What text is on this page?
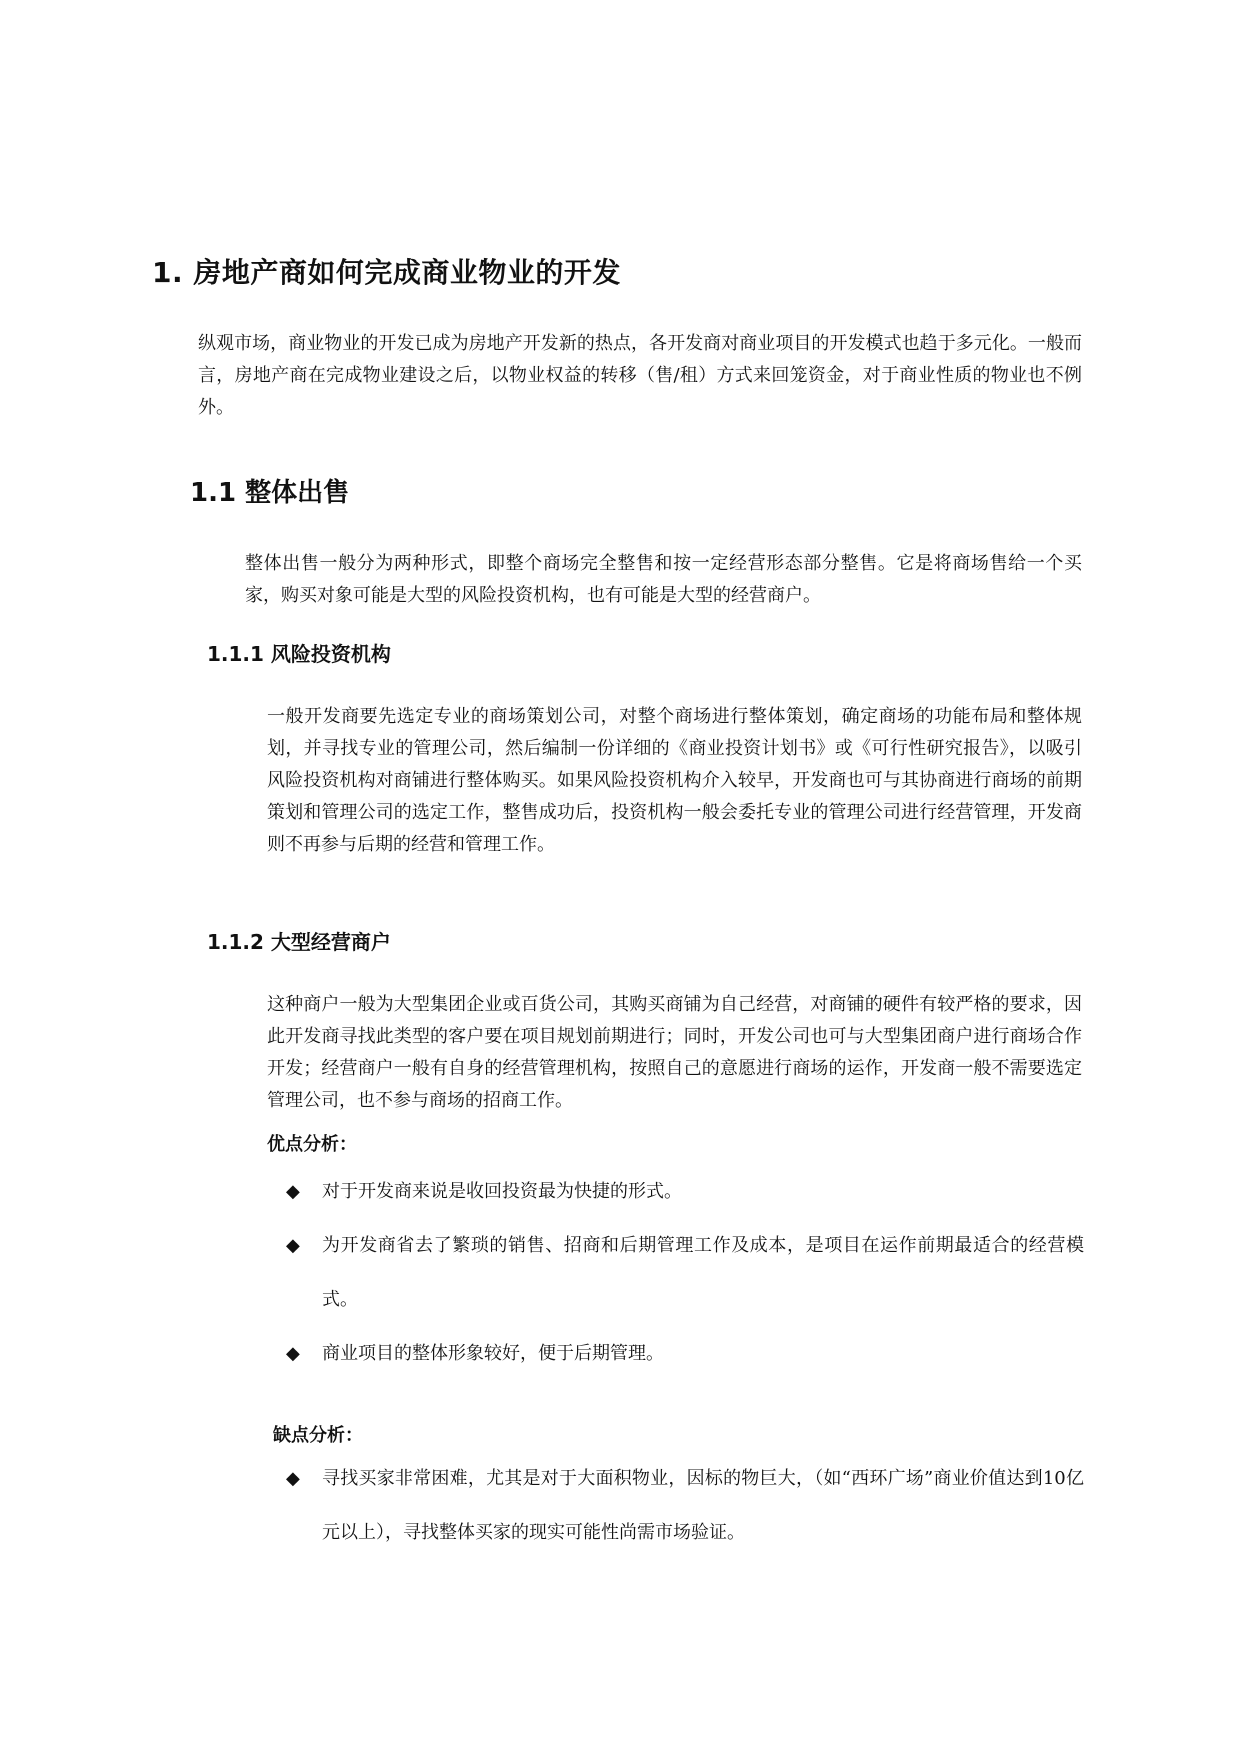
1. 房地产商如何完成商业物业的开发

纵观市场，商业物业的开发已成为房地产开发新的热点，各开发商对商业项目的开发模式也趋于多元化。一般而言，房地产商在完成物业建设之后，以物业权益的转移（售/租）方式来回笼资金，对于商业性质的物业也不例外。

1.1 整体出售

整体出售一般分为两种形式，即整个商场完全整售和按一定经营形态部分整售。它是将商场售给一个买家，购买对象可能是大型的风险投资机构，也有可能是大型的经营商户。

1.1.1 风险投资机构

一般开发商要先选定专业的商场策划公司，对整个商场进行整体策划，确定商场的功能布局和整体规划，并寻找专业的管理公司，然后编制一份详细的《商业投资计划书》或《可行性研究报告》，以吸引风险投资机构对商铺进行整体购买。如果风险投资机构介入较早，开发商也可与其协商进行商场的前期策划和管理公司的选定工作，整售成功后，投资机构一般会委托专业的管理公司进行经营管理，开发商则不再参与后期的经营和管理工作。

1.1.2 大型经营商户

这种商户一般为大型集团企业或百货公司，其购买商铺为自己经营，对商铺的硬件有较严格的要求，因此开发商寻找此类型的客户要在项目规划前期进行；同时，开发公司也可与大型集团商户进行商场合作开发；经营商户一般有自身的经营管理机构，按照自己的意愿进行商场的运作，开发商一般不需要选定管理公司，也不参与商场的招商工作。

优点分析：
◆ 对于开发商来说是收回投资最为快捷的形式。
◆ 为开发商省去了繁琐的销售、招商和后期管理工作及成本，是项目在运作前期最适合的经营模式。
◆ 商业项目的整体形象较好，便于后期管理。
缺点分析：
◆ 寻找买家非常困难，尤其是对于大面积物业，因标的物巨大，（如“西环广场”商业价值达到10亿元以上），寻找整体买家的现实可能性尚需市场验证。
